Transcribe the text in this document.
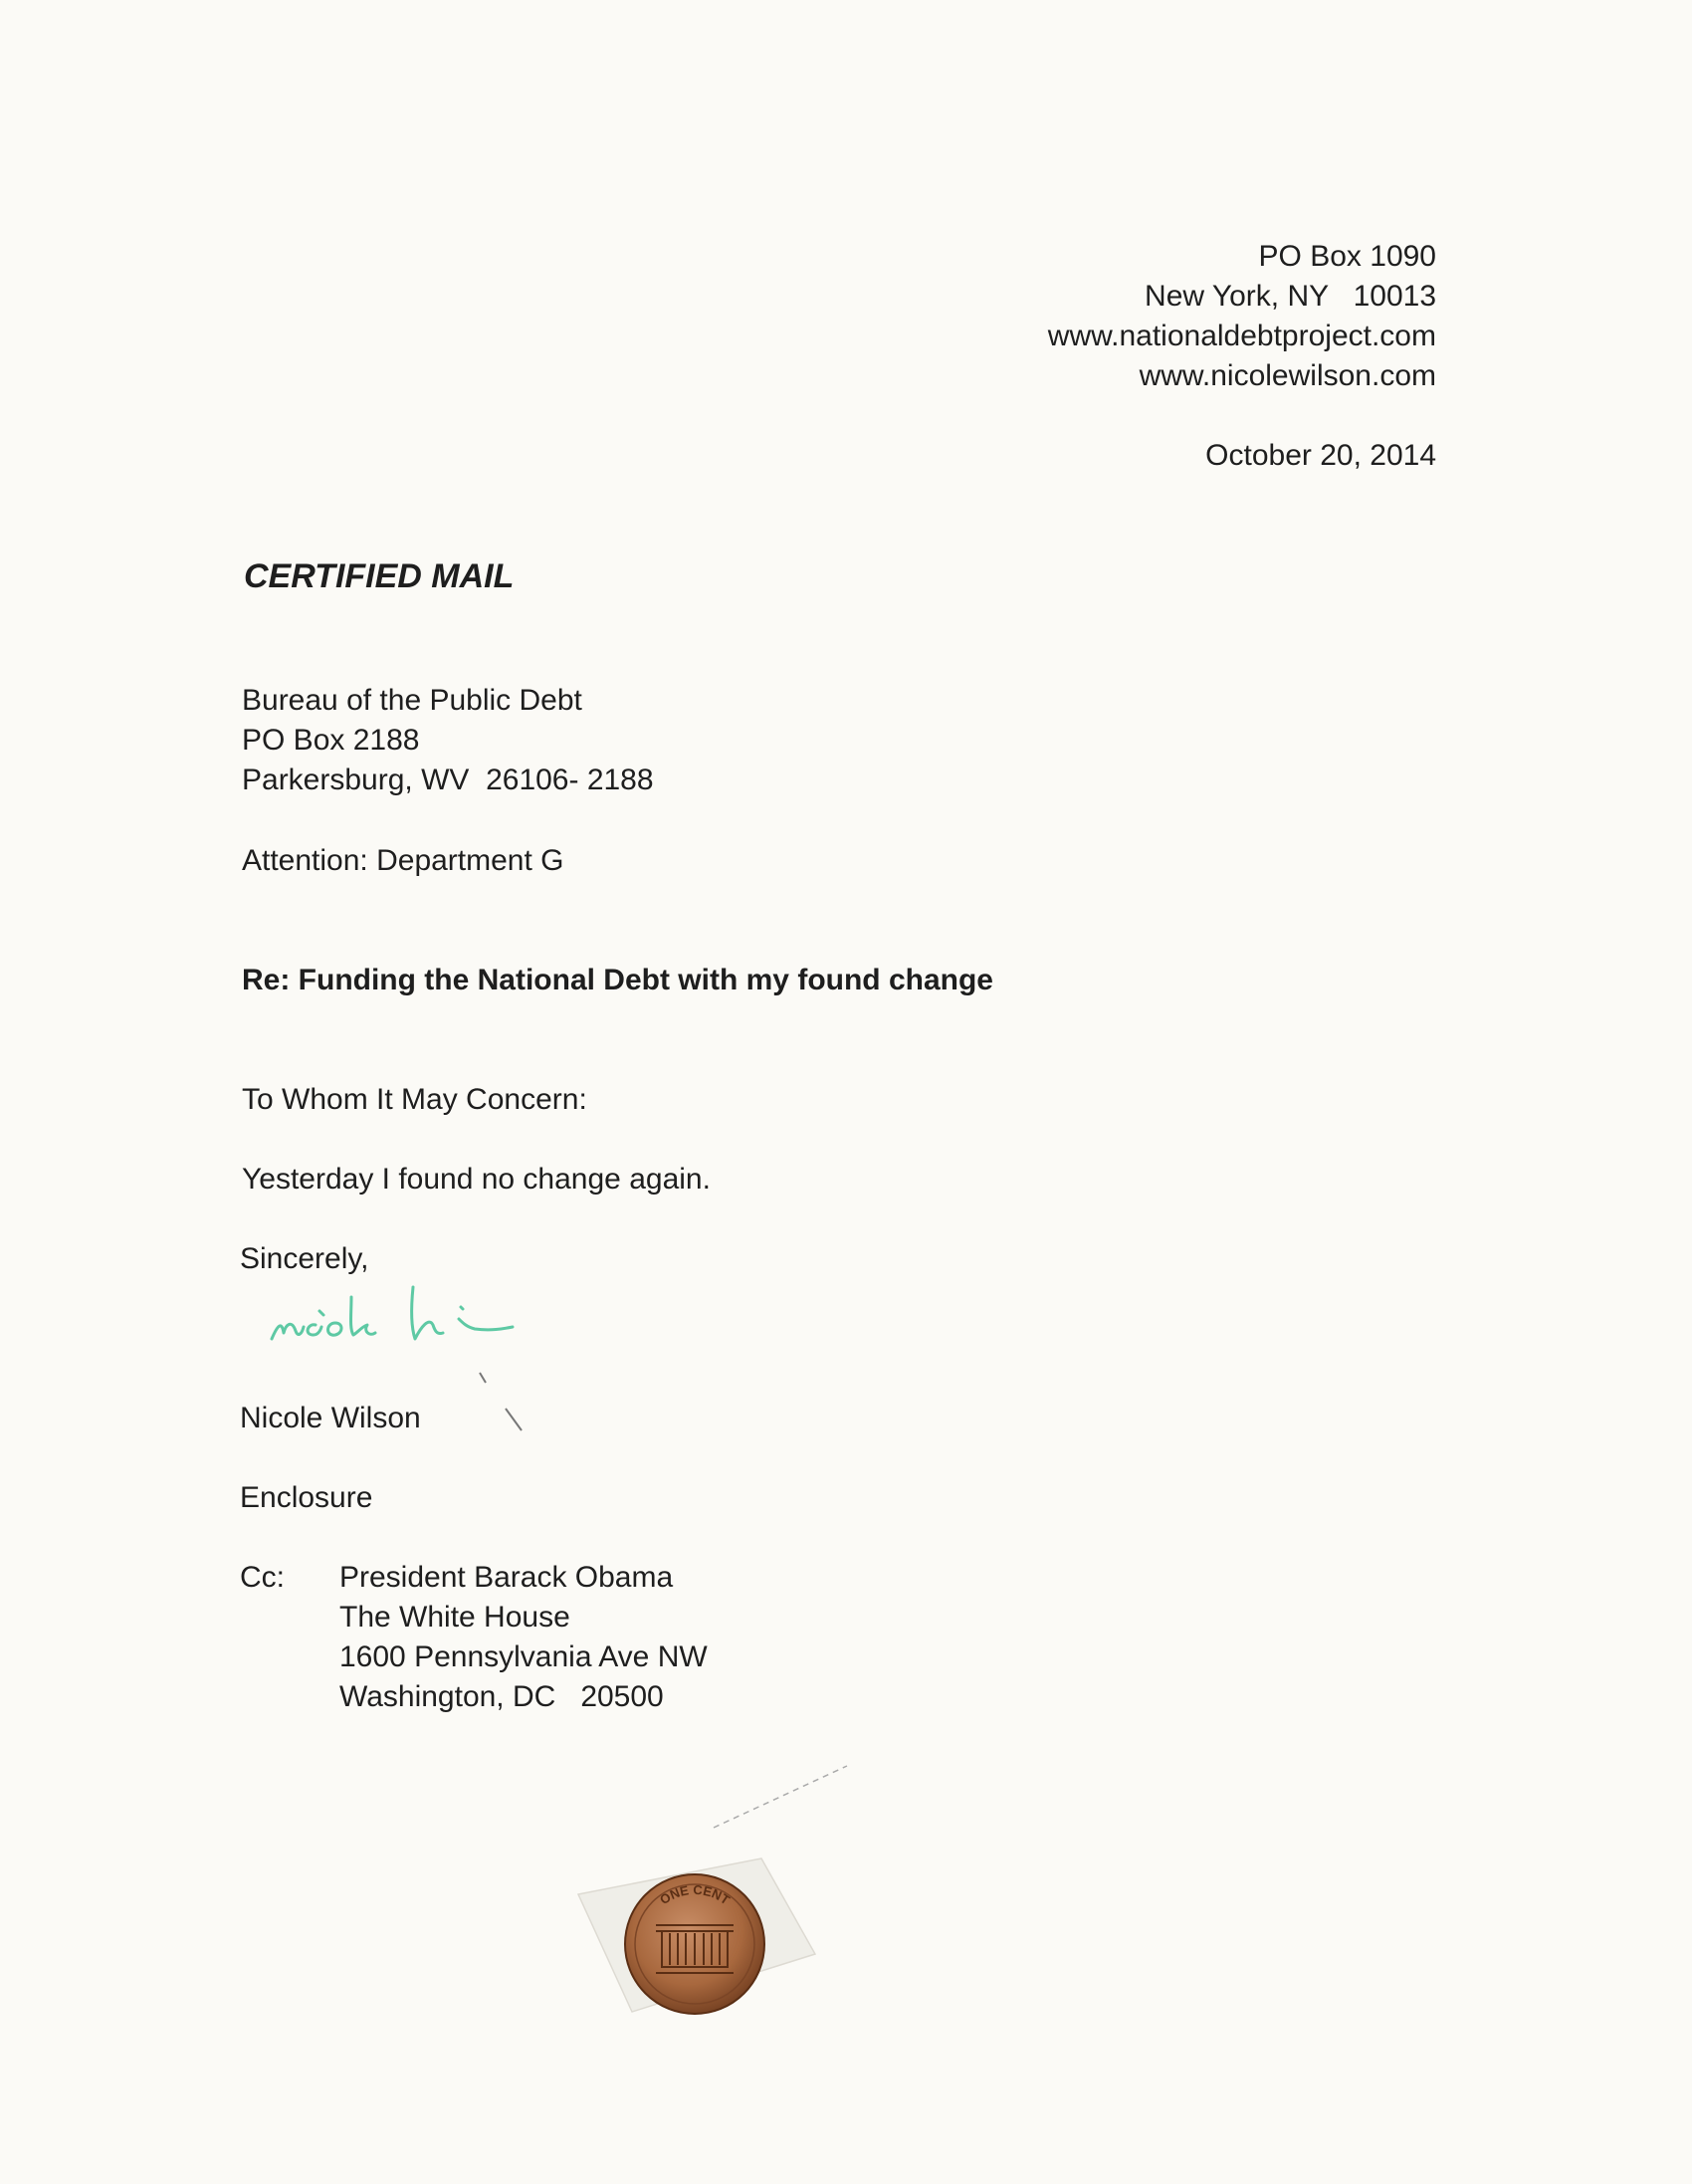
PO Box 1090
New York, NY   10013
www.nationaldebtproject.com
www.nicolewilson.com
October 20, 2014
CERTIFIED MAIL
Bureau of the Public Debt
PO Box 2188
Parkersburg, WV  26106- 2188
Attention: Department G
Re: Funding the National Debt with my found change
To Whom It May Concern:
Yesterday I found no change again.
Sincerely,
Nicole Wilson
Enclosure
Cc: President Barack Obama
The White House
1600 Pennsylvania Ave NW
Washington, DC   20500
ONE CENT
